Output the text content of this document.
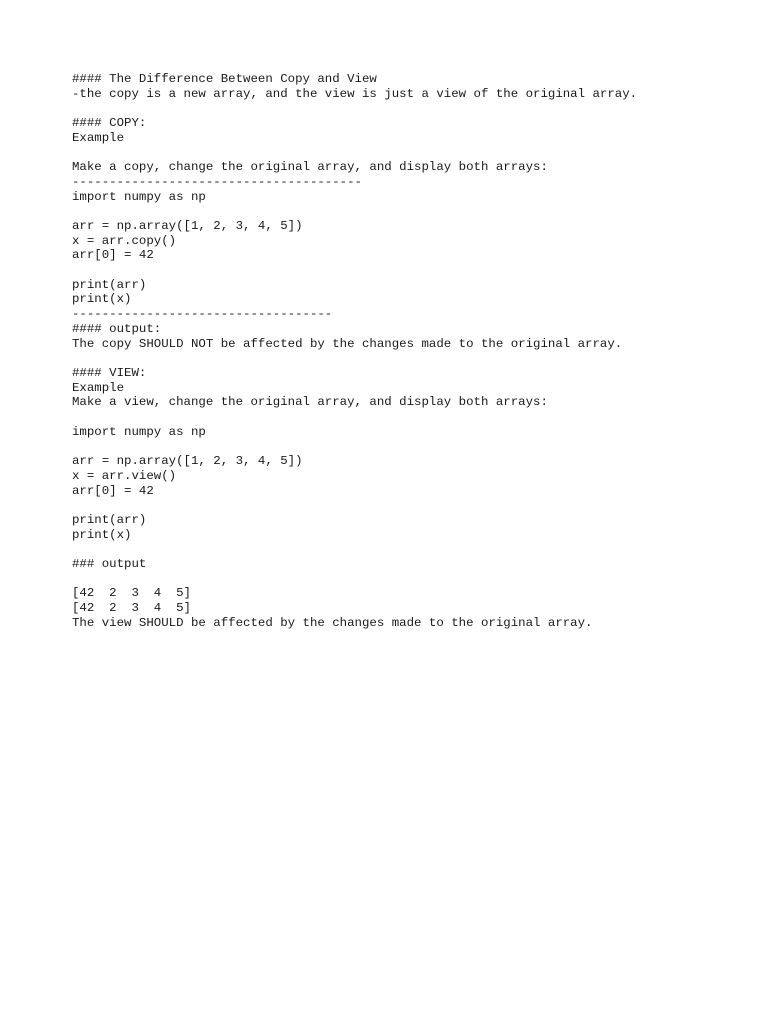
#### The Difference Between Copy and View
-the copy is a new array, and the view is just a view of the original array.
#### COPY:
Example
Make a copy, change the original array, and display both arrays:
---------------------------------------
import numpy as np
arr = np.array([1, 2, 3, 4, 5])
x = arr.copy()
arr[0] = 42
print(arr)
print(x)
-----------------------------------
#### output:
The copy SHOULD NOT be affected by the changes made to the original array.
#### VIEW:
Example
Make a view, change the original array, and display both arrays:
import numpy as np
arr = np.array([1, 2, 3, 4, 5])
x = arr.view()
arr[0] = 42
print(arr)
print(x)
### output
[42  2  3  4  5]
[42  2  3  4  5]
The view SHOULD be affected by the changes made to the original array.
